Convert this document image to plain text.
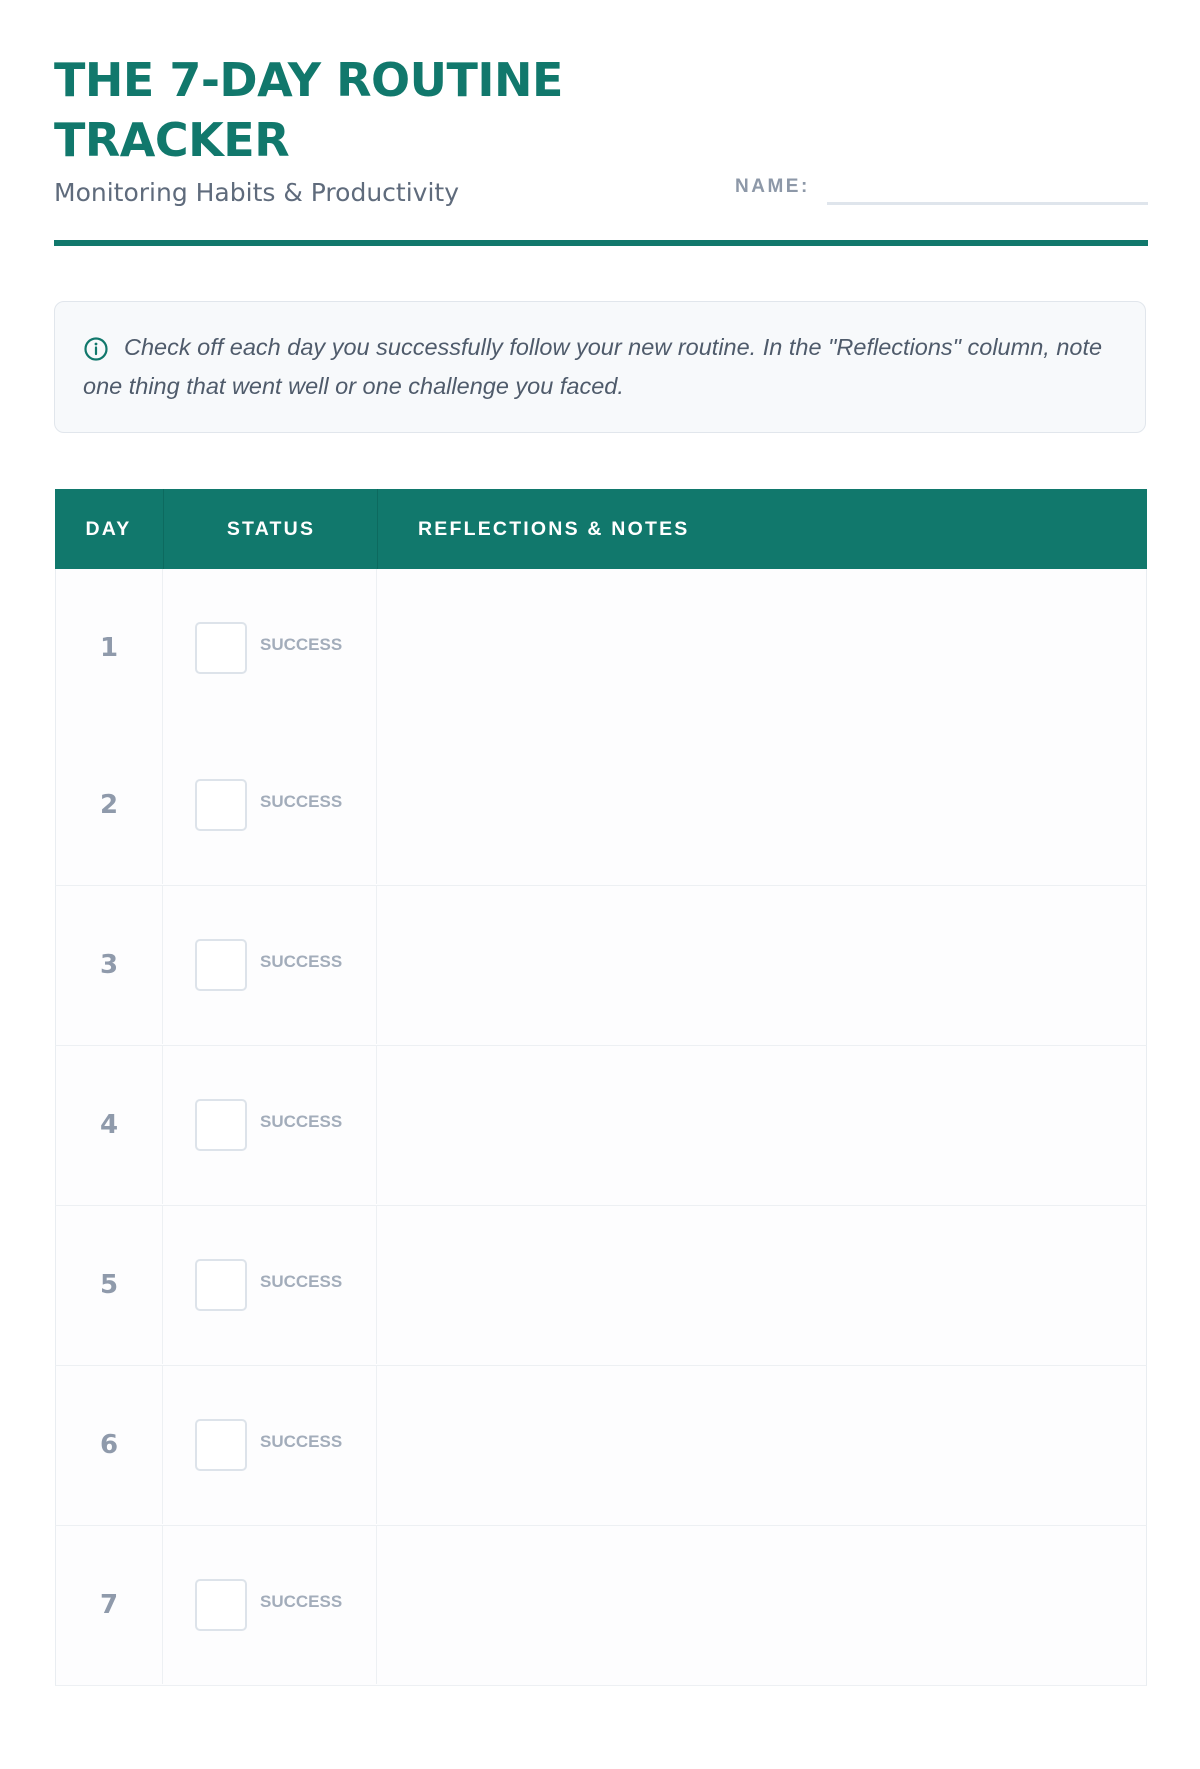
THE 7-DAY ROUTINE TRACKER
Monitoring Habits & Productivity	NAME:

Check off each day you successfully follow your new routine. In the "Reflections" column, note one thing that went well or one challenge you faced.

DAY	STATUS	REFLECTIONS & NOTES
1	SUCCESS
2	SUCCESS
3	SUCCESS
4	SUCCESS
5	SUCCESS
6	SUCCESS
7	SUCCESS
